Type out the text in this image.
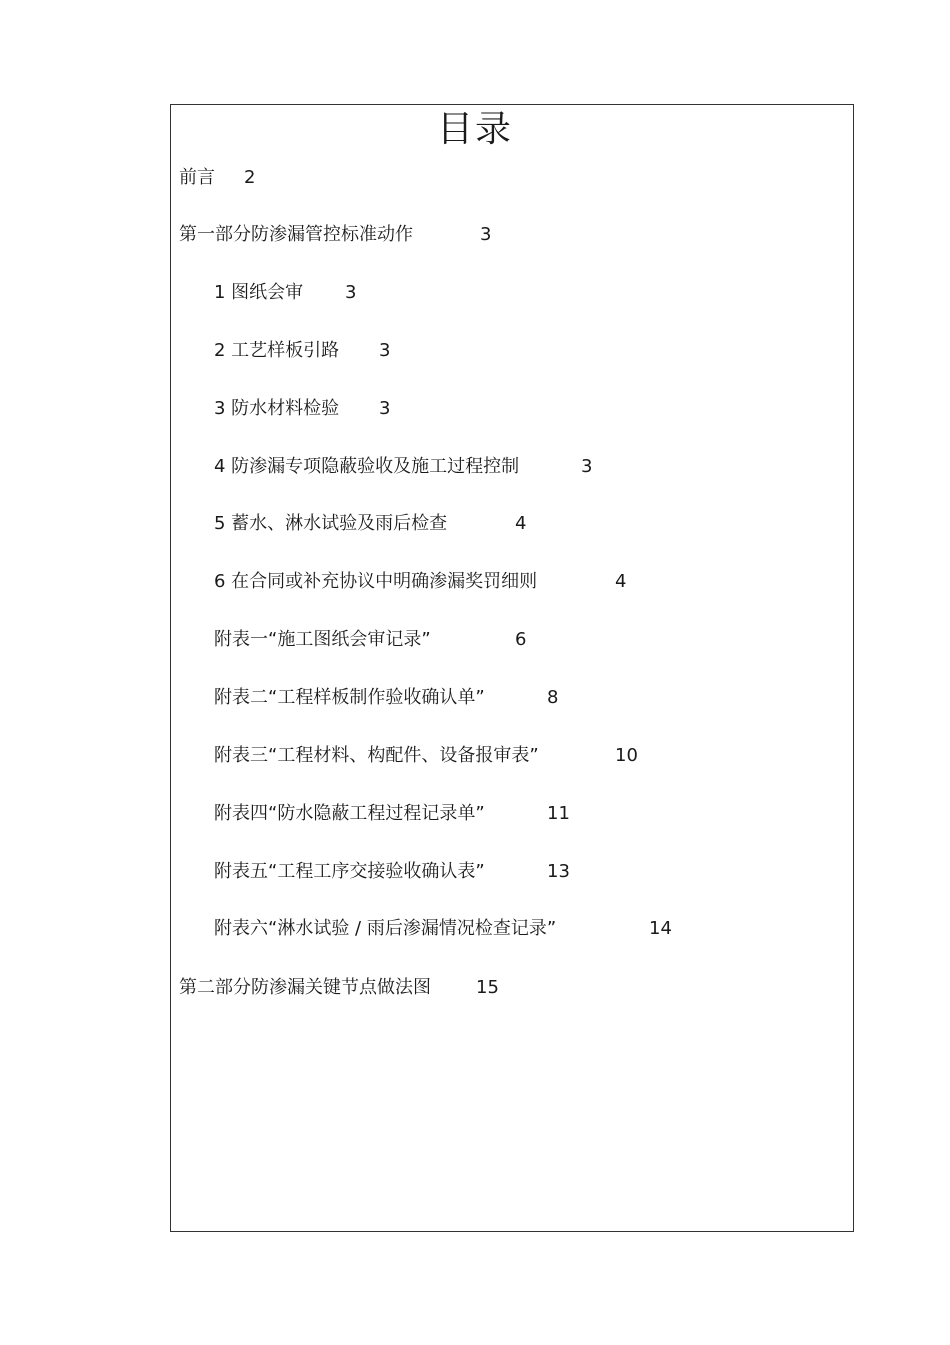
目录
前言 2
第一部分防渗漏管控标准动作	3
1 图纸会审 3
2 工艺样板引路 3
3 防水材料检验 3
4 防渗漏专项隐蔽验收及施工过程控制	3
5 蓄水、淋水试验及雨后检查	4
6 在合同或补充协议中明确渗漏奖罚细则	4
附表一“施工图纸会审记录”	6
附表二“工程样板制作验收确认单”	8
附表三“工程材料、构配件、设备报审表”	10
附表四“防水隐蔽工程过程记录单”	11
附表五“工程工序交接验收确认表”	13
附表六“淋水试验 / 雨后渗漏情况检查记录”	14
第二部分防渗漏关键节点做法图	15
